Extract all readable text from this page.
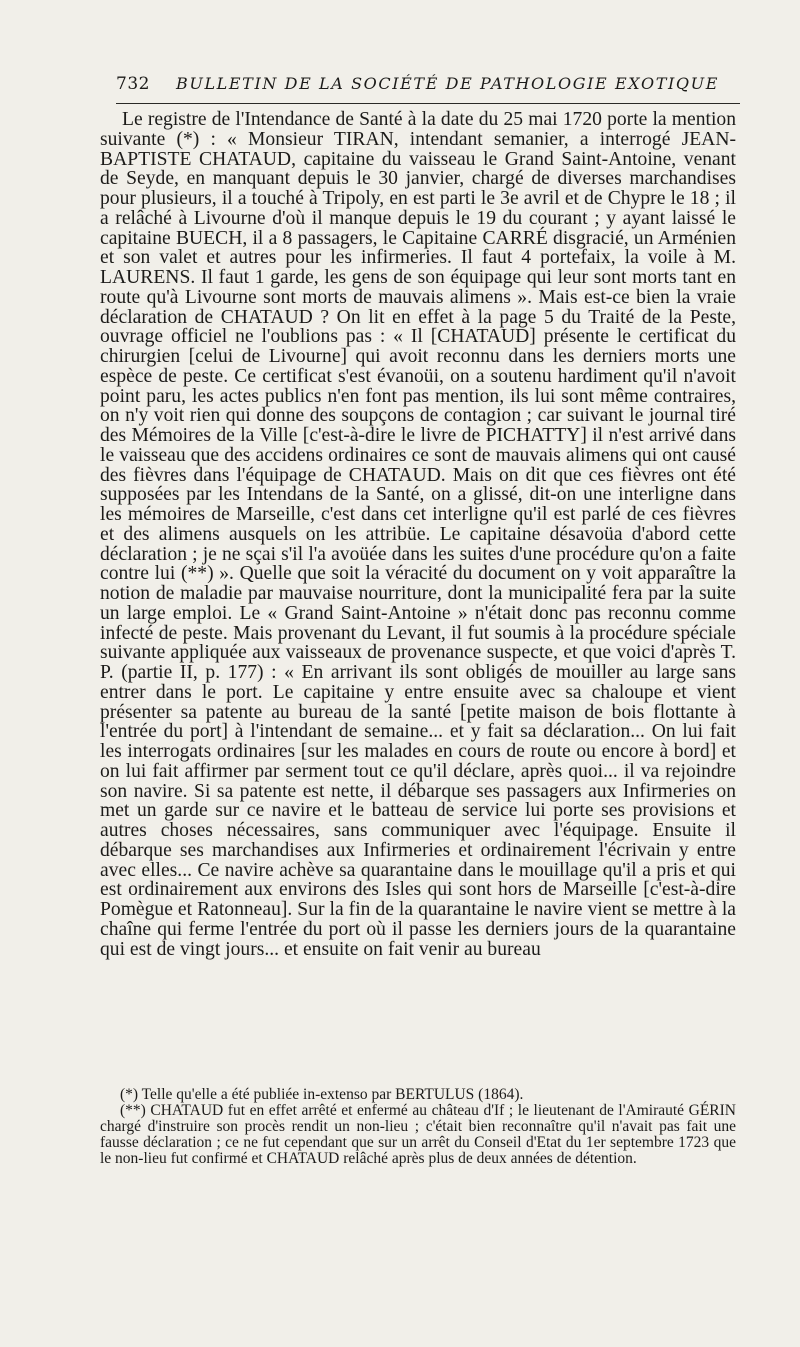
732 BULLETIN DE LA SOCIÉTÉ DE PATHOLOGIE EXOTIQUE

Le registre de l'Intendance de Santé à la date du 25 mai 1720 porte la mention suivante (*) : « Monsieur TIRAN, intendant semanier, a interrogé JEAN-BAPTISTE CHATAUD, capitaine du vaisseau le Grand Saint-Antoine, venant de Seyde, en manquant depuis le 30 janvier, chargé de diverses marchandises pour plusieurs, il a touché à Tripoly, en est parti le 3e avril et de Chypre le 18 ; il a relâché à Livourne d'où il manque depuis le 19 du courant ; y ayant laissé le capitaine BUECH, il a 8 passagers, le Capitaine CARRÉ disgracié, un Arménien et son valet et autres pour les infirmeries. Il faut 4 portefaix, la voile à M. LAURENS. Il faut 1 garde, les gens de son équipage qui leur sont morts tant en route qu'à Livourne sont morts de mauvais alimens ». Mais est-ce bien la vraie déclaration de CHATAUD ? On lit en effet à la page 5 du Traité de la Peste, ouvrage officiel ne l'oublions pas : « Il [CHATAUD] présente le certificat du chirurgien [celui de Livourne] qui avoit reconnu dans les derniers morts une espèce de peste. Ce certificat s'est évanoüi, on a soutenu hardiment qu'il n'avoit point paru, les actes publics n'en font pas mention, ils lui sont même contraires, on n'y voit rien qui donne des soupçons de contagion ; car suivant le journal tiré des Mémoires de la Ville [c'est-à-dire le livre de PICHATTY] il n'est arrivé dans le vaisseau que des accidens ordinaires ce sont de mauvais alimens qui ont causé des fièvres dans l'équipage de CHATAUD. Mais on dit que ces fièvres ont été supposées par les Intendans de la Santé, on a glissé, dit-on une interligne dans les mémoires de Marseille, c'est dans cet interligne qu'il est parlé de ces fièvres et des alimens ausquels on les attribüe. Le capitaine désavoüa d'abord cette déclaration ; je ne sçai s'il l'a avoüée dans les suites d'une procédure qu'on a faite contre lui (**) ». Quelle que soit la véracité du document on y voit apparaître la notion de maladie par mauvaise nourriture, dont la municipalité fera par la suite un large emploi. Le « Grand Saint-Antoine » n'était donc pas reconnu comme infecté de peste. Mais provenant du Levant, il fut soumis à la procédure spéciale suivante appliquée aux vaisseaux de provenance suspecte, et que voici d'après T. P. (partie II, p. 177) : « En arrivant ils sont obligés de mouiller au large sans entrer dans le port. Le capitaine y entre ensuite avec sa chaloupe et vient présenter sa patente au bureau de la santé [petite maison de bois flottante à l'entrée du port] à l'intendant de semaine... et y fait sa déclaration... On lui fait les interrogats ordinaires [sur les malades en cours de route ou encore à bord] et on lui fait affirmer par serment tout ce qu'il déclare, après quoi... il va rejoindre son navire. Si sa patente est nette, il débarque ses passagers aux Infirmeries on met un garde sur ce navire et le batteau de service lui porte ses provisions et autres choses nécessaires, sans communiquer avec l'équipage. Ensuite il débarque ses marchandises aux Infirmeries et ordinairement l'écrivain y entre avec elles... Ce navire achève sa quarantaine dans le mouillage qu'il a pris et qui est ordinairement aux environs des Isles qui sont hors de Marseille [c'est-à-dire Pomègue et Ratonneau]. Sur la fin de la quarantaine le navire vient se mettre à la chaîne qui ferme l'entrée du port où il passe les derniers jours de la quarantaine qui est de vingt jours... et ensuite on fait venir au bureau

(*) Telle qu'elle a été publiée in-extenso par BERTULUS (1864).

(**) CHATAUD fut en effet arrêté et enfermé au château d'If ; le lieutenant de l'Amirauté GÉRIN chargé d'instruire son procès rendit un non-lieu ; c'était bien reconnaître qu'il n'avait pas fait une fausse déclaration ; ce ne fut cependant que sur un arrêt du Conseil d'Etat du 1er septembre 1723 que le non-lieu fut confirmé et CHATAUD relâché après plus de deux années de détention.
